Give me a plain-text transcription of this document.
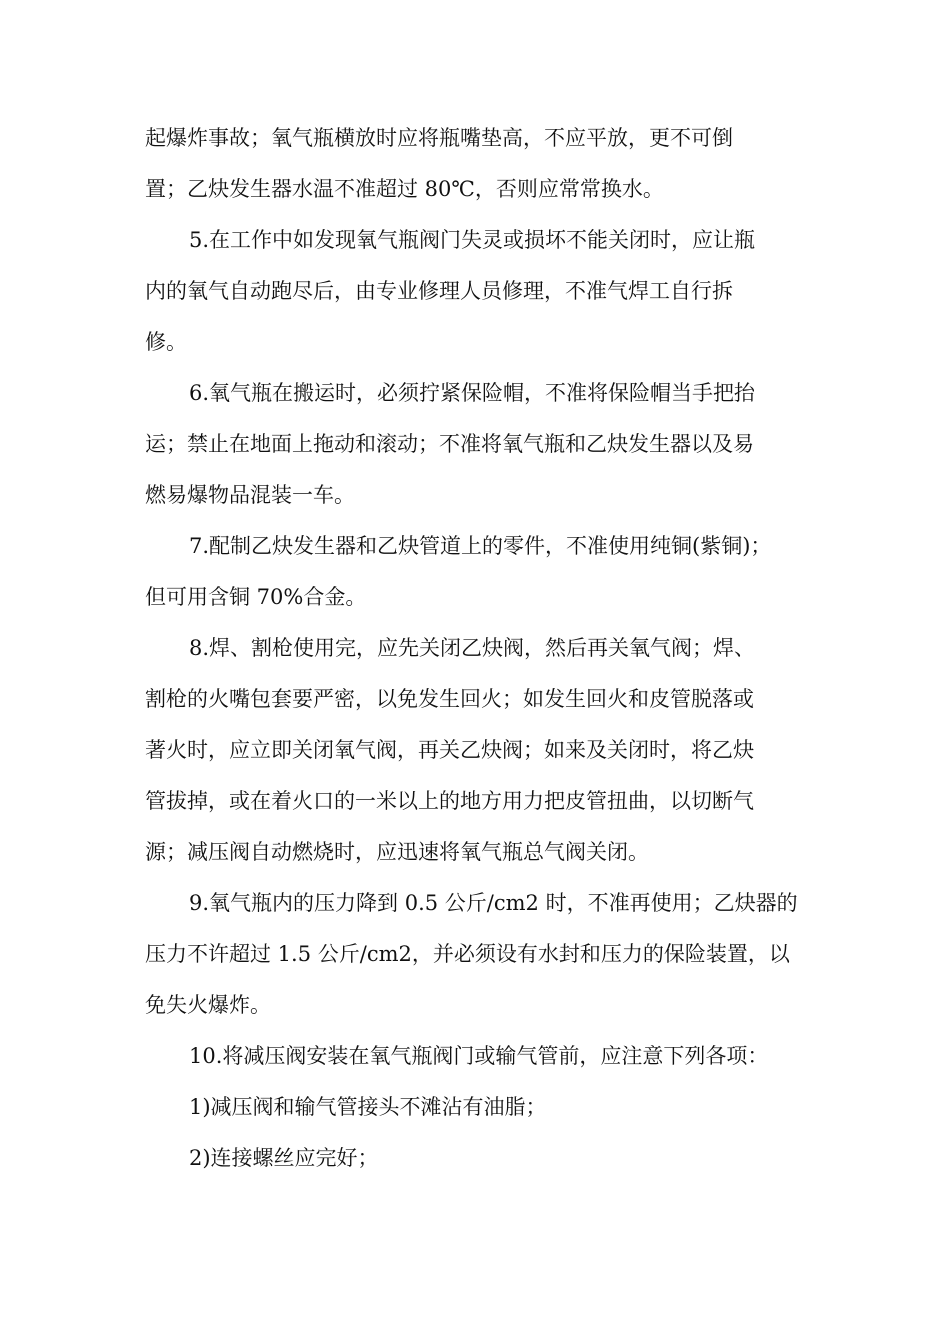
起爆炸事故；氧气瓶横放时应将瓶嘴垫高，不应平放，更不可倒
置；乙炔发生器水温不准超过 80℃，否则应常常换水。

5.在工作中如发现氧气瓶阀门失灵或损坏不能关闭时，应让瓶
内的氧气自动跑尽后，由专业修理人员修理，不准气焊工自行拆
修。

6.氧气瓶在搬运时，必须拧紧保险帽，不准将保险帽当手把抬
运；禁止在地面上拖动和滚动；不准将氧气瓶和乙炔发生器以及易
燃易爆物品混装一车。

7.配制乙炔发生器和乙炔管道上的零件，不准使用纯铜(紫铜)；
但可用含铜 70%合金。

8.焊、割枪使用完，应先关闭乙炔阀，然后再关氧气阀；焊、
割枪的火嘴包套要严密，以免发生回火；如发生回火和皮管脱落或
著火时，应立即关闭氧气阀，再关乙炔阀；如来及关闭时，将乙炔
管拔掉，或在着火口的一米以上的地方用力把皮管扭曲，以切断气
源；减压阀自动燃烧时，应迅速将氧气瓶总气阀关闭。

9.氧气瓶内的压力降到 0.5 公斤/cm2 时，不准再使用；乙炔器的
压力不许超过 1.5 公斤/cm2，并必须设有水封和压力的保险装置，以
免失火爆炸。

10.将减压阀安装在氧气瓶阀门或输气管前，应注意下列各项：

1)减压阀和输气管接头不滩沾有油脂；

2)连接螺丝应完好；
